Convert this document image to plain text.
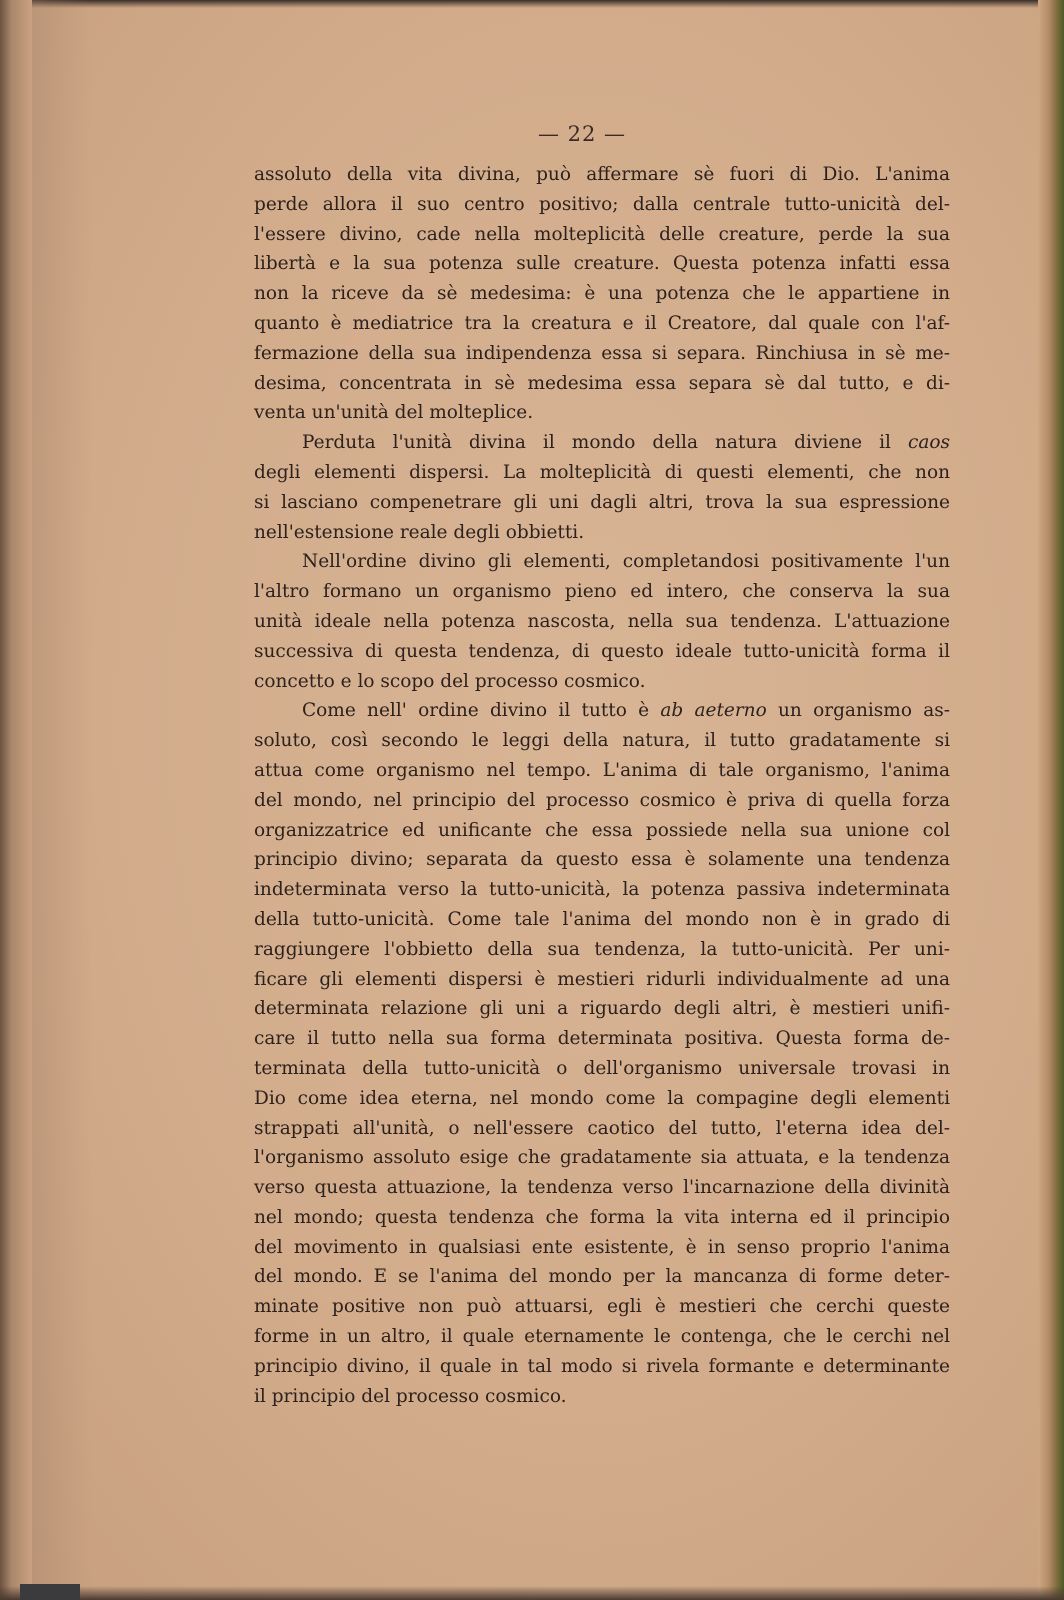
— 22 —
assoluto della vita divina, può affermare sè fuori di Dio. L'anima
perde allora il suo centro positivo; dalla centrale tutto-unicità del-
l'essere divino, cade nella molteplicità delle creature, perde la sua
libertà e la sua potenza sulle creature. Questa potenza infatti essa
non la riceve da sè medesima: è una potenza che le appartiene in
quanto è mediatrice tra la creatura e il Creatore, dal quale con l'af-
fermazione della sua indipendenza essa si separa. Rinchiusa in sè me-
desima, concentrata in sè medesima essa separa sè dal tutto, e di-
venta un'unità del molteplice.
Perduta l'unità divina il mondo della natura diviene il caos
degli elementi dispersi. La molteplicità di questi elementi, che non
si lasciano compenetrare gli uni dagli altri, trova la sua espressione
nell'estensione reale degli obbietti.
Nell'ordine divino gli elementi, completandosi positivamente l'un
l'altro formano un organismo pieno ed intero, che conserva la sua
unità ideale nella potenza nascosta, nella sua tendenza. L'attuazione
successiva di questa tendenza, di questo ideale tutto-unicità forma il
concetto e lo scopo del processo cosmico.
Come nell' ordine divino il tutto è ab aeterno un organismo as-
soluto, così secondo le leggi della natura, il tutto gradatamente si
attua come organismo nel tempo. L'anima di tale organismo, l'anima
del mondo, nel principio del processo cosmico è priva di quella forza
organizzatrice ed unificante che essa possiede nella sua unione col
principio divino; separata da questo essa è solamente una tendenza
indeterminata verso la tutto-unicità, la potenza passiva indeterminata
della tutto-unicità. Come tale l'anima del mondo non è in grado di
raggiungere l'obbietto della sua tendenza, la tutto-unicità. Per uni-
ficare gli elementi dispersi è mestieri ridurli individualmente ad una
determinata relazione gli uni a riguardo degli altri, è mestieri unifi-
care il tutto nella sua forma determinata positiva. Questa forma de-
terminata della tutto-unicità o dell'organismo universale trovasi in
Dio come idea eterna, nel mondo come la compagine degli elementi
strappati all'unità, o nell'essere caotico del tutto, l'eterna idea del-
l'organismo assoluto esige che gradatamente sia attuata, e la tendenza
verso questa attuazione, la tendenza verso l'incarnazione della divinità
nel mondo; questa tendenza che forma la vita interna ed il principio
del movimento in qualsiasi ente esistente, è in senso proprio l'anima
del mondo. E se l'anima del mondo per la mancanza di forme deter-
minate positive non può attuarsi, egli è mestieri che cerchi queste
forme in un altro, il quale eternamente le contenga, che le cerchi nel
principio divino, il quale in tal modo si rivela formante e determinante
il principio del processo cosmico.
